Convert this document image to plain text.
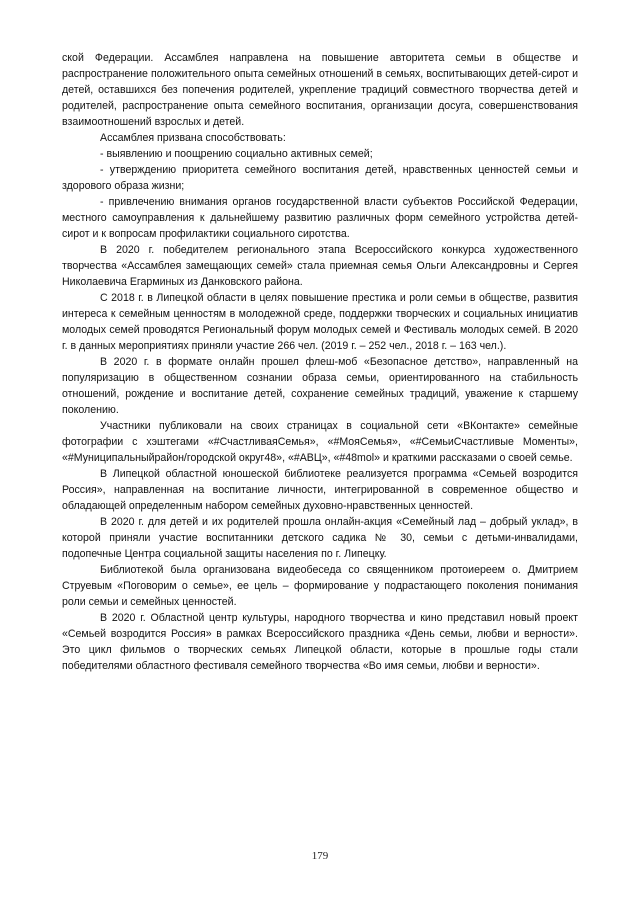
ской Федерации. Ассамблея направлена на повышение авторитета семьи в обществе и распространение положительного опыта семейных отношений в семьях, воспитывающих детей-сирот и детей, оставшихся без попечения родителей, укрепление традиций совместного творчества детей и родителей, распространение опыта семейного воспитания, организации досуга, совершенствования взаимоотношений взрослых и детей.

Ассамблея призвана способствовать:

- выявлению и поощрению социально активных семей;

- утверждению приоритета семейного воспитания детей, нравственных ценностей семьи и здорового образа жизни;

- привлечению внимания органов государственной власти субъектов Российской Федерации, местного самоуправления к дальнейшему развитию различных форм семейного устройства детей-сирот и к вопросам профилактики социального сиротства.

В 2020 г. победителем регионального этапа Всероссийского конкурса художественного творчества «Ассамблея замещающих семей» стала приемная семья Ольги Александровны и Сергея Николаевича Егарминых из Данковского района.

С 2018 г. в Липецкой области в целях повышение престика и роли семьи в обществе, развития интереса к семейным ценностям в молодежной среде, поддержки творческих и социальных инициатив молодых семей проводятся Региональный форум молодых семей и Фестиваль молодых семей. В 2020 г. в данных мероприятиях приняли участие 266 чел. (2019 г. – 252 чел., 2018 г. – 163 чел.).

В 2020 г. в формате онлайн прошел флеш-моб «Безопасное детство», направленный на популяризацию в общественном сознании образа семьи, ориентированного на стабильность отношений, рождение и воспитание детей, сохранение семейных традиций, уважение к старшему поколению.

Участники публиковали на своих страницах в социальной сети «ВКонтакте» семейные фотографии с хэштегами «#СчастливаяСемья», «#МояСемья», «#СемьиСчастливые Моменты», «#Муниципальныйрайон/городской округ48», «#АВЦ», «#48mol» и краткими рассказами о своей семье.

В Липецкой областной юношеской библиотеке реализуется программа «Семьей возродится Россия», направленная на воспитание личности, интегрированной в современное общество и обладающей определенным набором семейных духовно-нравственных ценностей.

В 2020 г. для детей и их родителей прошла онлайн-акция «Семейный лад – добрый уклад», в которой приняли участие воспитанники детского садика № 30, семьи с детьми-инвалидами, подопечные Центра социальной защиты населения по г. Липецку.

Библиотекой была организована видеобеседа со священником протоиереем о. Дмитрием Струевым «Поговорим о семье», ее цель – формирование у подрастающего поколения понимания роли семьи и семейных ценностей.

В 2020 г. Областной центр культуры, народного творчества и кино представил новый проект «Семьей возродится Россия» в рамках Всероссийского праздника «День семьи, любви и верности». Это цикл фильмов о творческих семьях Липецкой области, которые в прошлые годы стали победителями областного фестиваля семейного творчества «Во имя семьи, любви и верности».

179
